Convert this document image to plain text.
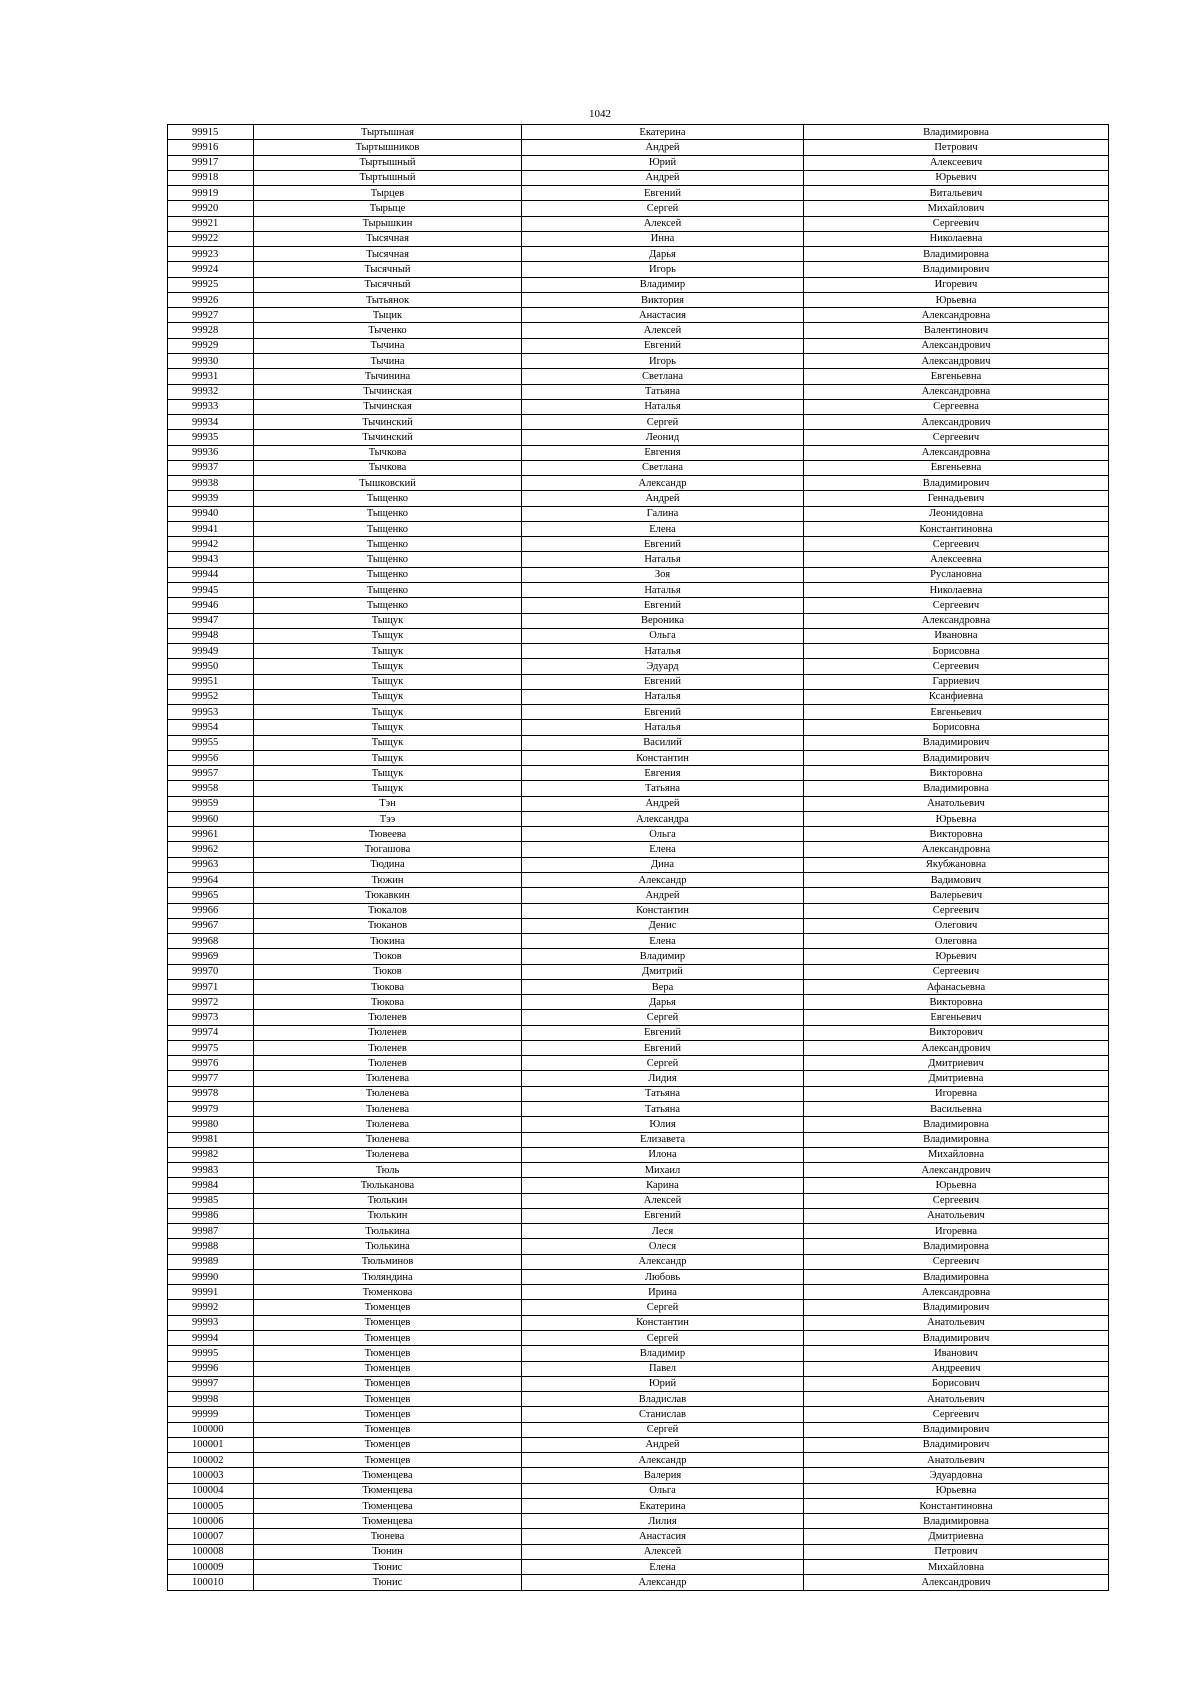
1042
99915	Тыртышная	Екатерина	Владимировна
99916	Тыртышников	Андрей	Петрович
99917	Тыртышный	Юрий	Алексеевич
99918	Тыртышный	Андрей	Юрьевич
99919	Тырцев	Евгений	Витальевич
99920	Тырыце	Сергей	Михайлович
99921	Тырышкин	Алексей	Сергеевич
99922	Тысячная	Инна	Николаевна
99923	Тысячная	Дарья	Владимировна
99924	Тысячный	Игорь	Владимирович
99925	Тысячный	Владимир	Игоревич
99926	Тытьянок	Виктория	Юрьевна
99927	Тыцик	Анастасия	Александровна
99928	Тыченко	Алексей	Валентинович
99929	Тычина	Евгений	Александрович
99930	Тычина	Игорь	Александрович
99931	Тычинина	Светлана	Евгеньевна
99932	Тычинская	Татьяна	Александровна
99933	Тычинская	Наталья	Сергеевна
99934	Тычинский	Сергей	Александрович
99935	Тычинский	Леонид	Сергеевич
99936	Тычкова	Евгения	Александровна
99937	Тычкова	Светлана	Евгеньевна
99938	Тышковский	Александр	Владимирович
99939	Тыщенко	Андрей	Геннадьевич
99940	Тыщенко	Галина	Леонидовна
99941	Тыщенко	Елена	Константиновна
99942	Тыщенко	Евгений	Сергеевич
99943	Тыщенко	Наталья	Алексеевна
99944	Тыщенко	Зоя	Руслановна
99945	Тыщенко	Наталья	Николаевна
99946	Тыщенко	Евгений	Сергеевич
99947	Тыщук	Вероника	Александровна
99948	Тыщук	Ольга	Ивановна
99949	Тыщук	Наталья	Борисовна
99950	Тыщук	Эдуард	Сергеевич
99951	Тыщук	Евгений	Гарриевич
99952	Тыщук	Наталья	Ксанфиевна
99953	Тыщук	Евгений	Евгеньевич
99954	Тыщук	Наталья	Борисовна
99955	Тыщук	Василий	Владимирович
99956	Тыщук	Константин	Владимирович
99957	Тыщук	Евгения	Викторовна
99958	Тыщук	Татьяна	Владимировна
99959	Тэн	Андрей	Анатольевич
99960	Тээ	Александра	Юрьевна
99961	Тювеева	Ольга	Викторовна
99962	Тюгашова	Елена	Александровна
99963	Тюдина	Дина	Якубжановна
99964	Тюжин	Александр	Вадимович
99965	Тюкавкин	Андрей	Валерьевич
99966	Тюкалов	Константин	Сергеевич
99967	Тюканов	Денис	Олегович
99968	Тюкина	Елена	Олеговна
99969	Тюков	Владимир	Юрьевич
99970	Тюков	Дмитрий	Сергеевич
99971	Тюкова	Вера	Афанасьевна
99972	Тюкова	Дарья	Викторовна
99973	Тюленев	Сергей	Евгеньевич
99974	Тюленев	Евгений	Викторович
99975	Тюленев	Евгений	Александрович
99976	Тюленев	Сергей	Дмитриевич
99977	Тюленева	Лидия	Дмитриевна
99978	Тюленева	Татьяна	Игоревна
99979	Тюленева	Татьяна	Васильевна
99980	Тюленева	Юлия	Владимировна
99981	Тюленева	Елизавета	Владимировна
99982	Тюленева	Илона	Михайловна
99983	Тюль	Михаил	Александрович
99984	Тюльканова	Карина	Юрьевна
99985	Тюлькин	Алексей	Сергеевич
99986	Тюлькин	Евгений	Анатольевич
99987	Тюлькина	Леся	Игоревна
99988	Тюлькина	Олеся	Владимировна
99989	Тюльминов	Александр	Сергеевич
99990	Тюляндина	Любовь	Владимировна
99991	Тюменкова	Ирина	Александровна
99992	Тюменцев	Сергей	Владимирович
99993	Тюменцев	Константин	Анатольевич
99994	Тюменцев	Сергей	Владимирович
99995	Тюменцев	Владимир	Иванович
99996	Тюменцев	Павел	Андреевич
99997	Тюменцев	Юрий	Борисович
99998	Тюменцев	Владислав	Анатольевич
99999	Тюменцев	Станислав	Сергеевич
100000	Тюменцев	Сергей	Владимирович
100001	Тюменцев	Андрей	Владимирович
100002	Тюменцев	Александр	Анатольевич
100003	Тюменцева	Валерия	Эдуардовна
100004	Тюменцева	Ольга	Юрьевна
100005	Тюменцева	Екатерина	Константиновна
100006	Тюменцева	Лилия	Владимировна
100007	Тюнева	Анастасия	Дмитриевна
100008	Тюнин	Алексей	Петрович
100009	Тюнис	Елена	Михайловна
100010	Тюнис	Александр	Александрович
